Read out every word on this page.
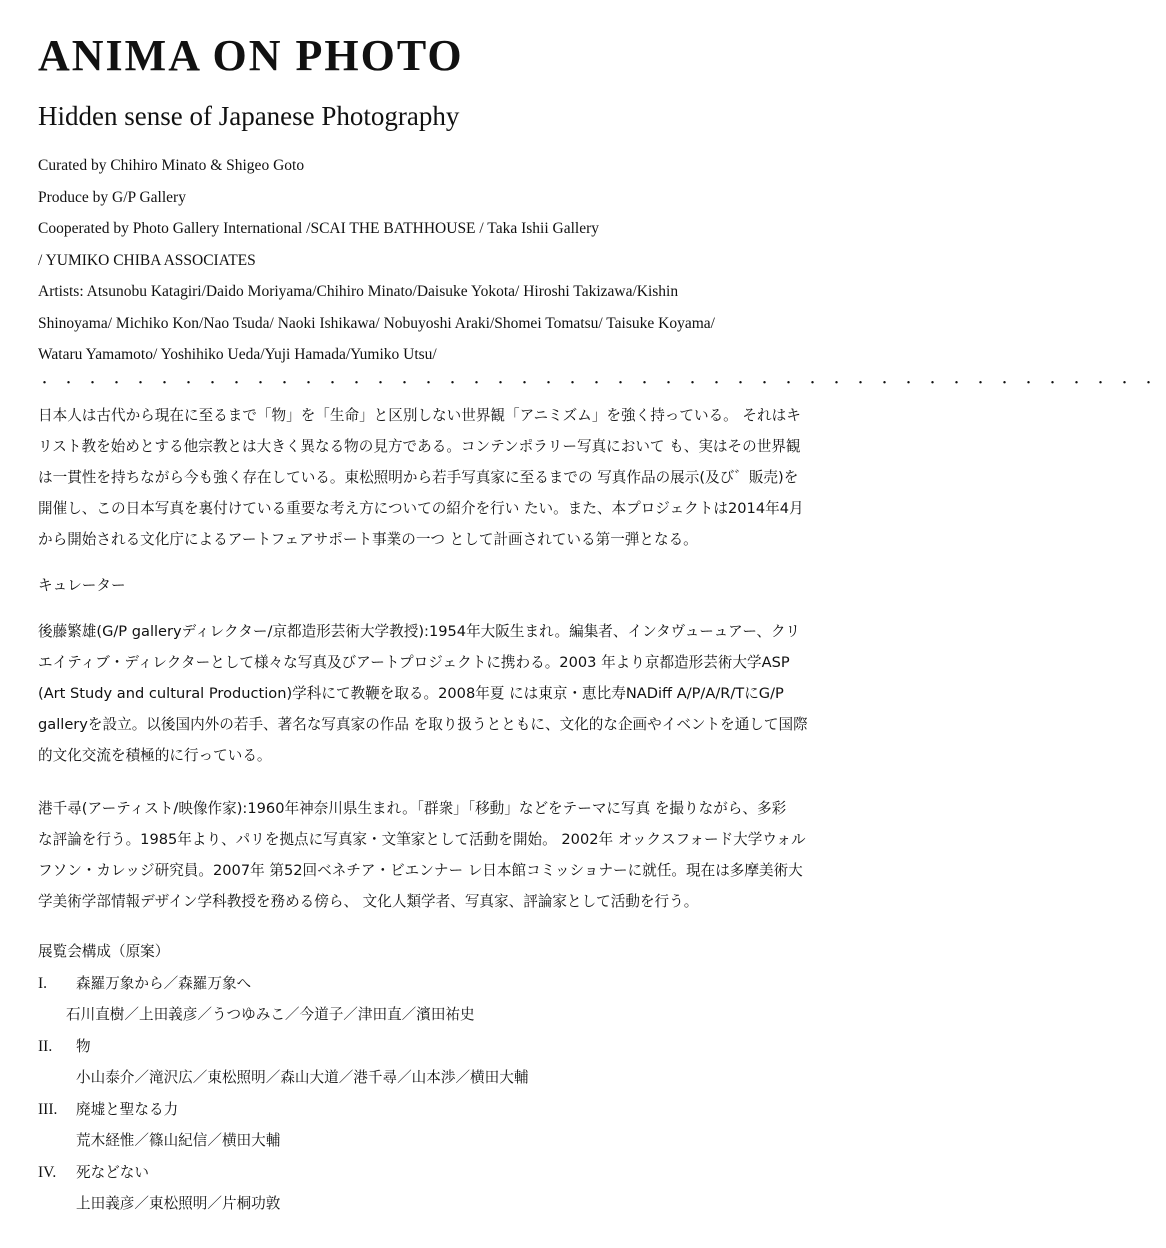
ANIMA ON PHOTO
Hidden sense of Japanese Photography
Curated by Chihiro Minato & Shigeo Goto
Produce by G/P Gallery
Cooperated by Photo Gallery International /SCAI THE BATHHOUSE / Taka Ishii Gallery
/ YUMIKO CHIBA ASSOCIATES
Artists: Atsunobu Katagiri/Daido Moriyama/Chihiro Minato/Daisuke Yokota/ Hiroshi Takizawa/Kishin
Shinoyama/ Michiko Kon/Nao Tsuda/ Naoki Ishikawa/ Nobuyoshi Araki/Shomei Tomatsu/ Taisuke Koyama/
Wataru Yamamoto/ Yoshihiko Ueda/Yuji Hamada/Yumiko Utsu/
・・・・・・・・・・・・・・・・・・・・・・・・・・・・・・・・・・・・・・・・・・・・・・・
日本人は古代から現在に至るまで「物」を「生命」と区別しない世界観「アニミズム」を強く持っている。 それはキ
リスト教を始めとする他宗教とは大きく異なる物の見方である。コンテンポラリー写真において も、実はその世界観
は一貫性を持ちながら今も強く存在している。東松照明から若手写真家に至るまでの 写真作品の展示(及び゛販売)を
開催し、この日本写真を裏付けている重要な考え方についての紹介を行い たい。また、本プロジェクトは2014年4月
から開始される文化庁によるアートフェアサポート事業の一つ として計画されている第一弾となる。
キュレーター
後藤繁雄(G/P galleryディレクター/京都造形芸術大学教授):1954年大阪生まれ。編集者、インタヴューュアー、クリ
エイティブ・ディレクターとして様々な写真及びアートプロジェクトに携わる。2003 年より京都造形芸術大学ASP
(Art Study and cultural Production)学科にて教鞭を取る。2008年夏 には東京・恵比寿NADiff A/P/A/R/TにG/P
galleryを設立。以後国内外の若手、著名な写真家の作品 を取り扱うとともに、文化的な企画やイベントを通して国際
的文化交流を積極的に行っている。
港千尋(アーティスト/映像作家):1960年神奈川県生まれ。「群衆」「移動」などをテーマに写真 を撮りながら、多彩
な評論を行う。1985年より、パリを拠点に写真家・文筆家として活動を開始。 2002年 オックスフォード大学ウォル
フソン・カレッジ研究員。2007年 第52回ベネチア・ビエンナー レ日本館コミッショナーに就任。現在は多摩美術大
学美術学部情報デザイン学科教授を務める傍ら、 文化人類学者、写真家、評論家として活動を行う。
展覧会構成（原案）
I. 森羅万象から／森羅万象へ
石川直樹／上田義彦／うつゆみこ／今道子／津田直／濱田祐史
II. 物
小山泰介／滝沢広／東松照明／森山大道／港千尋／山本渉／横田大輔
III. 廃墟と聖なる力
荒木経惟／篠山紀信／横田大輔
IV. 死などない
上田義彦／東松照明／片桐功敦
